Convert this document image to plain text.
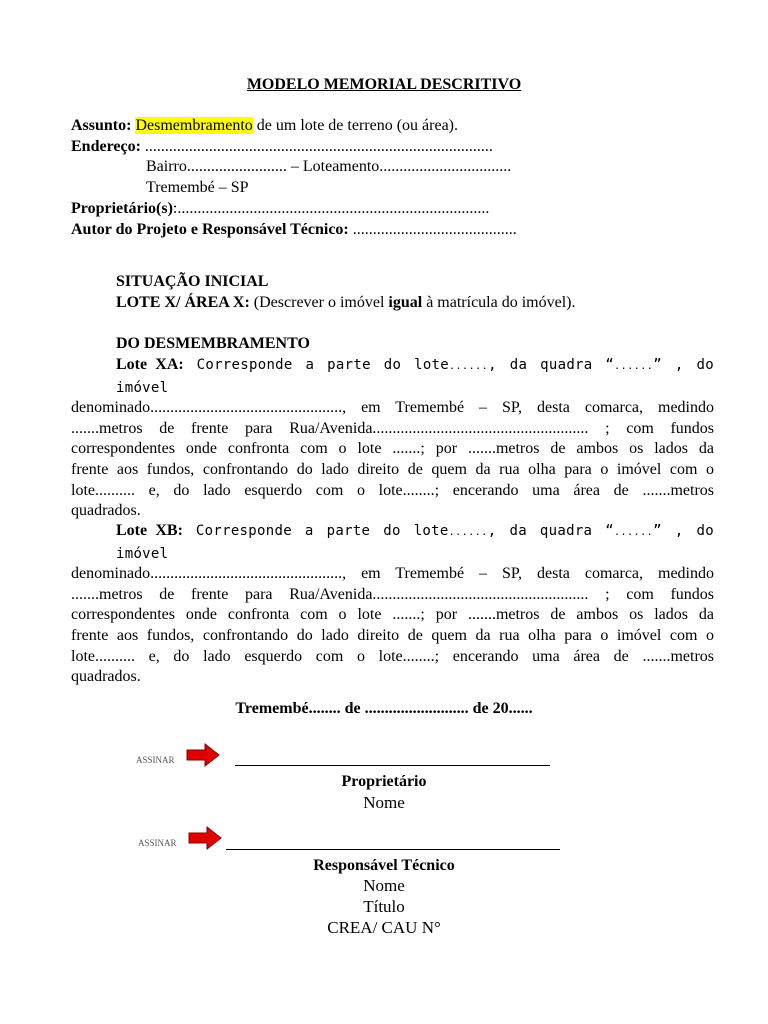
MODELO MEMORIAL DESCRITIVO
Assunto: Desmembramento de um lote de terreno (ou área).
Endereço: .......................................................................................
Bairro......................... – Loteamento.................................
Tremembé – SP
Proprietário(s):..............................................................................
Autor do Projeto e Responsável Técnico: .........................................
SITUAÇÃO INICIAL
LOTE X/ ÁREA X: (Descrever o imóvel igual à matrícula do imóvel).
DO DESMEMBRAMENTO
Lote XA: Corresponde a parte do lote......, da quadra “......” , do imóvel
denominado................................................, em Tremembé – SP, desta comarca, medindo
.......metros de frente para Rua/Avenida...................................................... ; com fundos
correspondentes onde confronta com o lote .......; por .......metros de ambos os lados da
frente aos fundos, confrontando do lado direito de quem da rua olha para o imóvel com o
lote.......... e, do lado esquerdo com o lote........; encerando uma área de .......metros
quadrados.
Lote XB: Corresponde a parte do lote......, da quadra “......” , do imóvel
denominado................................................, em Tremembé – SP, desta comarca, medindo
.......metros de frente para Rua/Avenida...................................................... ; com fundos
correspondentes onde confronta com o lote .......; por .......metros de ambos os lados da
frente aos fundos, confrontando do lado direito de quem da rua olha para o imóvel com o
lote.......... e, do lado esquerdo com o lote........; encerando uma área de .......metros
quadrados.
Tremembé........ de .......................... de 20......
ASSINAR
Proprietário
Nome
ASSINAR
Responsável Técnico
Nome
Título
CREA/ CAU N°
